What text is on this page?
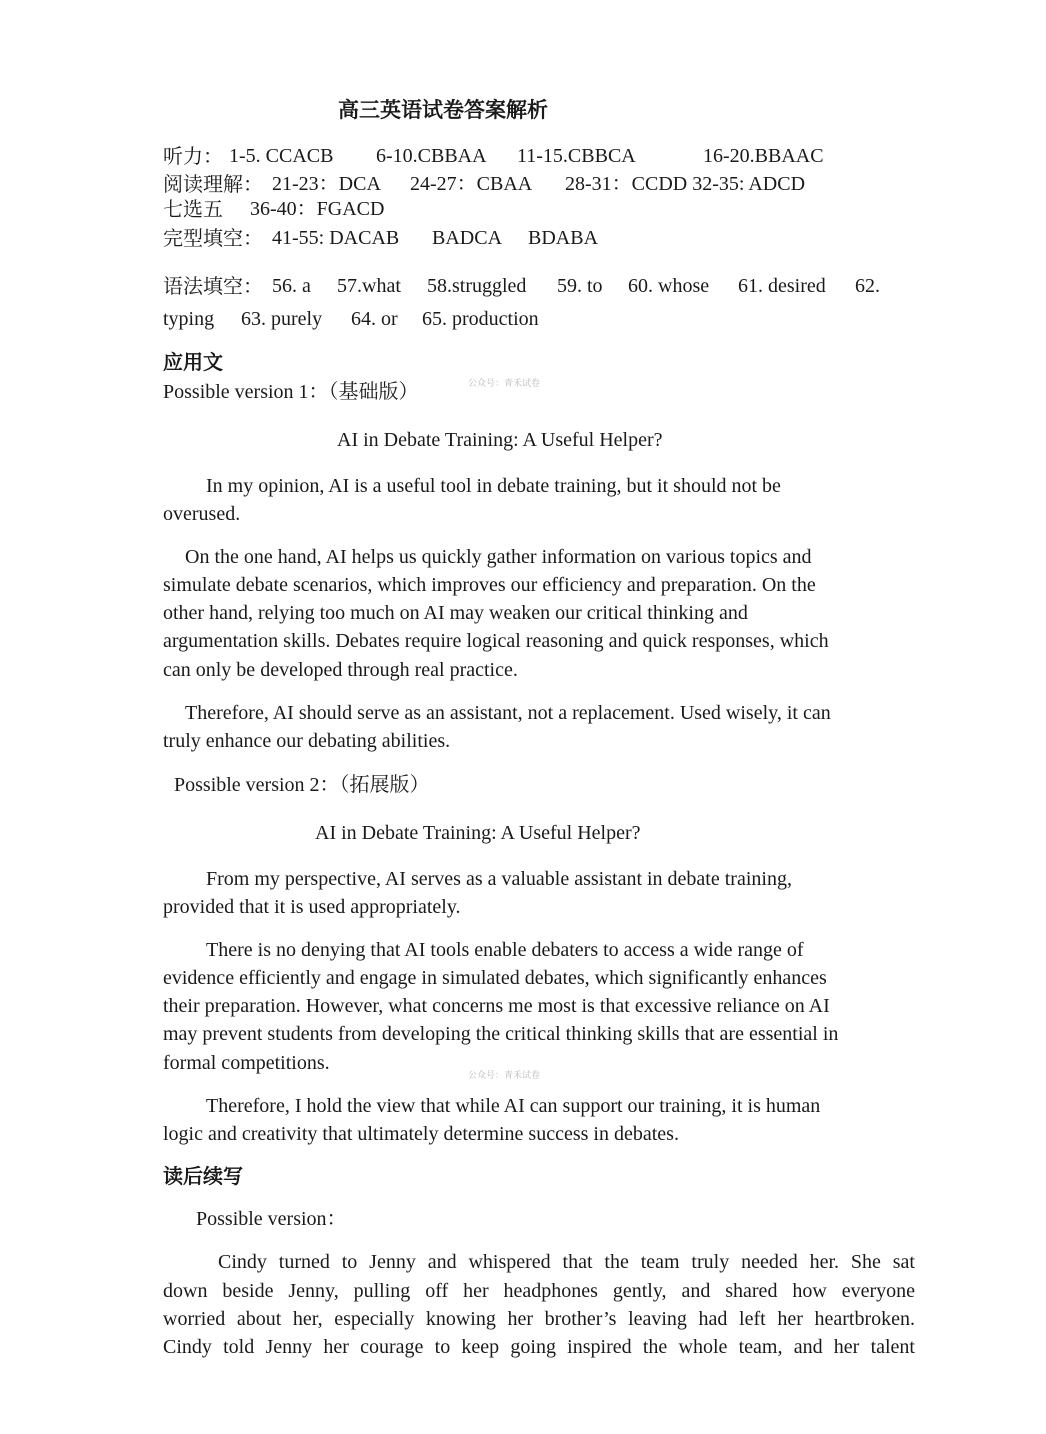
高三英语试卷答案解析
听力： 1-5. CCACB 6-10.CBBAA 11-15.CBBCA	16-20.BBAAC
阅读理解： 21-23：DCA 24-27：CBAA 28-31：CCDD 32-35: ADCD
七选五 36-40：FGACD
完型填空： 41-55: DACAB BADCA BDABA
语法填空： 56. a 57.what 58.struggled 59. to 60. whose 61. desired 62.
typing 63. purely 64. or 65. production
应用文
Possible version 1：（基础版）	公众号：青禾试卷
AI in Debate Training: A Useful Helper?
In my opinion, AI is a useful tool in debate training, but it should not be
overused.
On the one hand, AI helps us quickly gather information on various topics and
simulate debate scenarios, which improves our efficiency and preparation. On the
other hand, relying too much on AI may weaken our critical thinking and
argumentation skills. Debates require logical reasoning and quick responses, which
can only be developed through real practice.
Therefore, AI should serve as an assistant, not a replacement. Used wisely, it can
truly enhance our debating abilities.
Possible version 2：（拓展版）
AI in Debate Training: A Useful Helper?
From my perspective, AI serves as a valuable assistant in debate training,
provided that it is used appropriately.
There is no denying that AI tools enable debaters to access a wide range of
evidence efficiently and engage in simulated debates, which significantly enhances
their preparation. However, what concerns me most is that excessive reliance on AI
may prevent students from developing the critical thinking skills that are essential in
formal competitions.
公众号：青禾试卷
Therefore, I hold the view that while AI can support our training, it is human
logic and creativity that ultimately determine success in debates.
读后续写
Possible version：
Cindy turned to Jenny and whispered that the team truly needed her. She sat
down beside Jenny, pulling off her headphones gently, and shared how everyone
worried about her, especially knowing her brother’s leaving had left her heartbroken.
Cindy told Jenny her courage to keep going inspired the whole team, and her talent
